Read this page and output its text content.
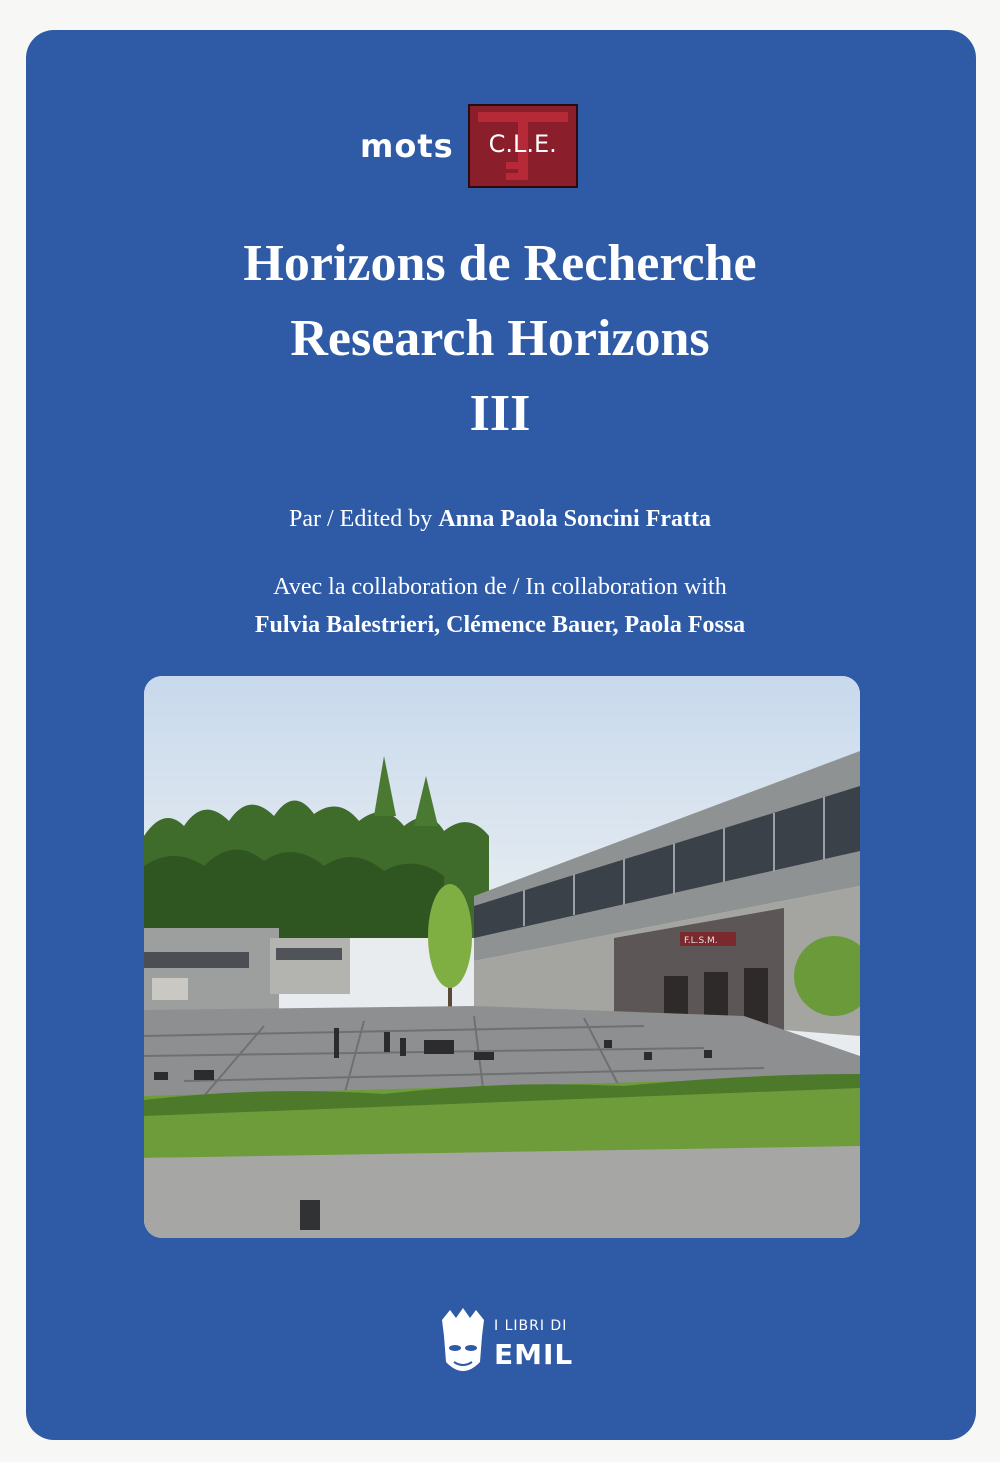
mots	C.L.E.
Horizons de Recherche
Research Horizons
III
Par / Edited by Anna Paola Soncini Fratta
Avec la collaboration de / In collaboration with
Fulvia Balestrieri, Clémence Bauer, Paola Fossa
F.L.S.M.
I LIBRI DI
EMIL
